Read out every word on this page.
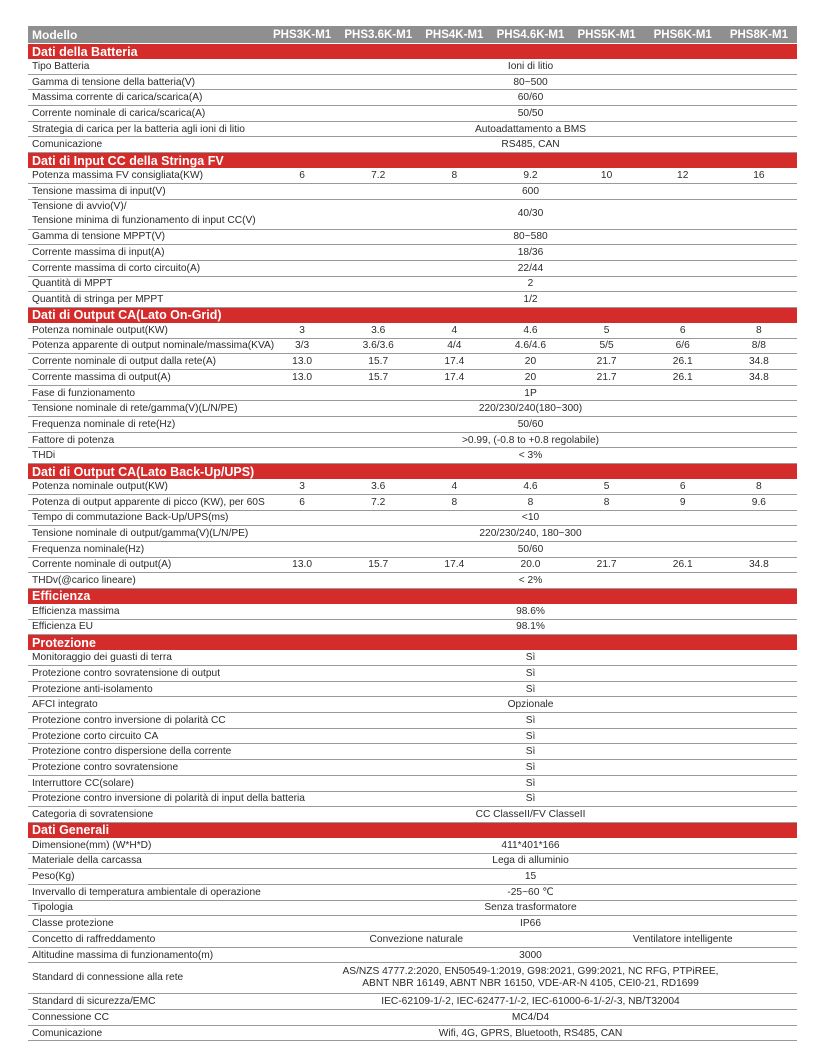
Modello	PHS3K-M1	PHS3.6K-M1	PHS4K-M1	PHS4.6K-M1	PHS5K-M1	PHS6K-M1	PHS8K-M1
Dati della Batteria							
Tipo Batteria	Ioni di litio						
Gamma di tensione della batteria(V)	80~500						
Massima corrente di carica/scarica(A)	60/60						
Corrente nominale di carica/scarica(A)	50/50						
Strategia di carica per la batteria agli ioni di litio	Autoadattamento a BMS						
Comunicazione	RS485, CAN						
Dati di Input CC della Stringa FV							
Potenza massima FV consigliata(KW)	6	7.2	8	9.2	10	12	16
Tensione massima di input(V)	600						

Tensione di avvio(V)/
Tensione minima di funzionamento di input CC(V)	40/30						
Gamma di tensione MPPT(V)	80~580						
Corrente massima di input(A)	18/36						
Corrente massima di corto circuito(A)	22/44						
Quantità di MPPT	2						
Quantità di stringa per MPPT	1/2						
Dati di Output CA(Lato On-Grid)							
Potenza nominale output(KW)	3	3.6	4	4.6	5	6	8
Potenza apparente di output nominale/massima(KVA)	3/3	3.6/3.6	4/4	4.6/4.6	5/5	6/6	8/8
Corrente nominale di output dalla rete(A)	13.0	15.7	17.4	20	21.7	26.1	34.8
Corrente massima di output(A)	13.0	15.7	17.4	20	21.7	26.1	34.8
Fase di funzionamento	1P						
Tensione nominale di rete/gamma(V)(L/N/PE)	220/230/240(180~300)						
Frequenza nominale di rete(Hz)	50/60						
Fattore di potenza	>0.99, (-0.8 to +0.8 regolabile)						
THDi	< 3%						
Dati di Output CA(Lato Back-Up/UPS)							
Potenza nominale output(KW)	3	3.6	4	4.6	5	6	8
Potenza di output apparente di picco (KW), per 60S	6	7.2	8	8	8	9	9.6
Tempo di commutazione Back-Up/UPS(ms)	<10						
Tensione nominale di output/gamma(V)(L/N/PE)	220/230/240, 180~300						
Frequenza nominale(Hz)	50/60						
Corrente nominale di output(A)	13.0	15.7	17.4	20.0	21.7	26.1	34.8
THDv(@carico lineare)	< 2%						
Efficienza							
Efficienza massima	98.6%						
Efficienza EU	98.1%						
Protezione							
Monitoraggio dei guasti di terra	Sì						
Protezione contro sovratensione di output	Sì						
Protezione anti-isolamento	Sì						
AFCI integrato	Opzionale						
Protezione contro inversione di polarità CC	Sì						
Protezione corto circuito CA	Sì						
Protezione contro dispersione della corrente	Sì						
Protezione contro sovratensione	Sì						
Interruttore CC(solare)	Sì						
Protezione contro inversione di polarità di input della batteria	Sì						
Categoria di sovratensione	CC ClasseII/FV ClasseII						
Dati Generali							
Dimensione(mm) (W*H*D)	411*401*166						
Materiale della carcassa	Lega di alluminio						
Peso(Kg)	15						
Invervallo di temperatura ambientale di operazione	-25~60 ℃						
Tipologia	Senza trasformatore						
Classe protezione	IP66						
Concetto di raffreddamento	Convezione naturale				Ventilatore intelligente		
Altitudine massima di funzionamento(m)	3000						
Standard di connessione alla rete	AS/NZS 4777.2:2020, EN50549-1:2019, G98:2021, G99:2021, NC RFG, PTPiREE,
ABNT NBR 16149, ABNT NBR 16150, VDE-AR-N 4105, CEI0-21, RD1699						

Standard di sicurezza/EMC	IEC-62109-1/-2, IEC-62477-1/-2, IEC-61000-6-1/-2/-3, NB/T32004						
Connessione CC	MC4/D4						
Comunicazione	Wifi, 4G, GPRS, Bluetooth, RS485, CAN						
